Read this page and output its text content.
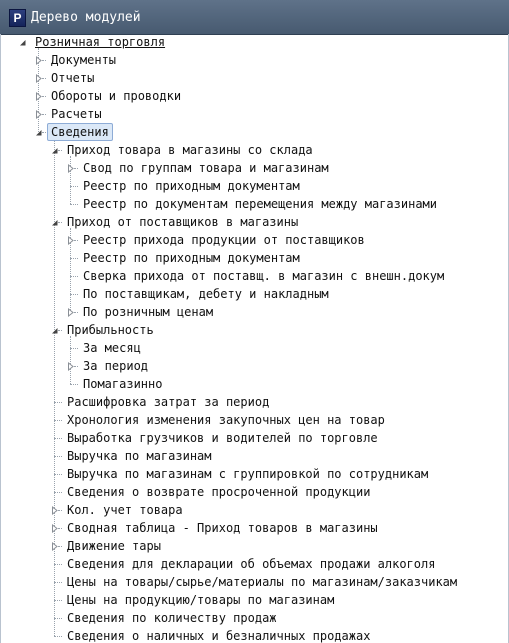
P Дерево модулей
Розничная торговля
Документы
Отчеты
Обороты и проводки
Расчеты
Сведения
Приход товара в магазины со склада
Свод по группам товара и магазинам
Реестр по приходным документам
Реестр по документам перемещения между магазинами
Приход от поставщиков в магазины
Реестр прихода продукции от поставщиков
Реестр по приходным документам
Сверка прихода от поставщ. в магазин с внешн.докум
По поставщикам, дебету и накладным
По розничным ценам
Прибыльность
За месяц
За период
Помагазинно
Расшифровка затрат за период
Хронология изменения закупочных цен на товар
Выработка грузчиков и водителей по торговле
Выручка по магазинам
Выручка по магазинам с группировкой по сотрудникам
Сведения о возврате просроченной продукции
Кол. учет товара
Сводная таблица - Приход товаров в магазины
Движение тары
Сведения для декларации об объемах продажи алкоголя
Цены на товары/сырье/материалы по магазинам/заказчикам
Цены на продукцию/товары по магазинам
Сведения по количеству продаж
Сведения о наличных и безналичных продажах
